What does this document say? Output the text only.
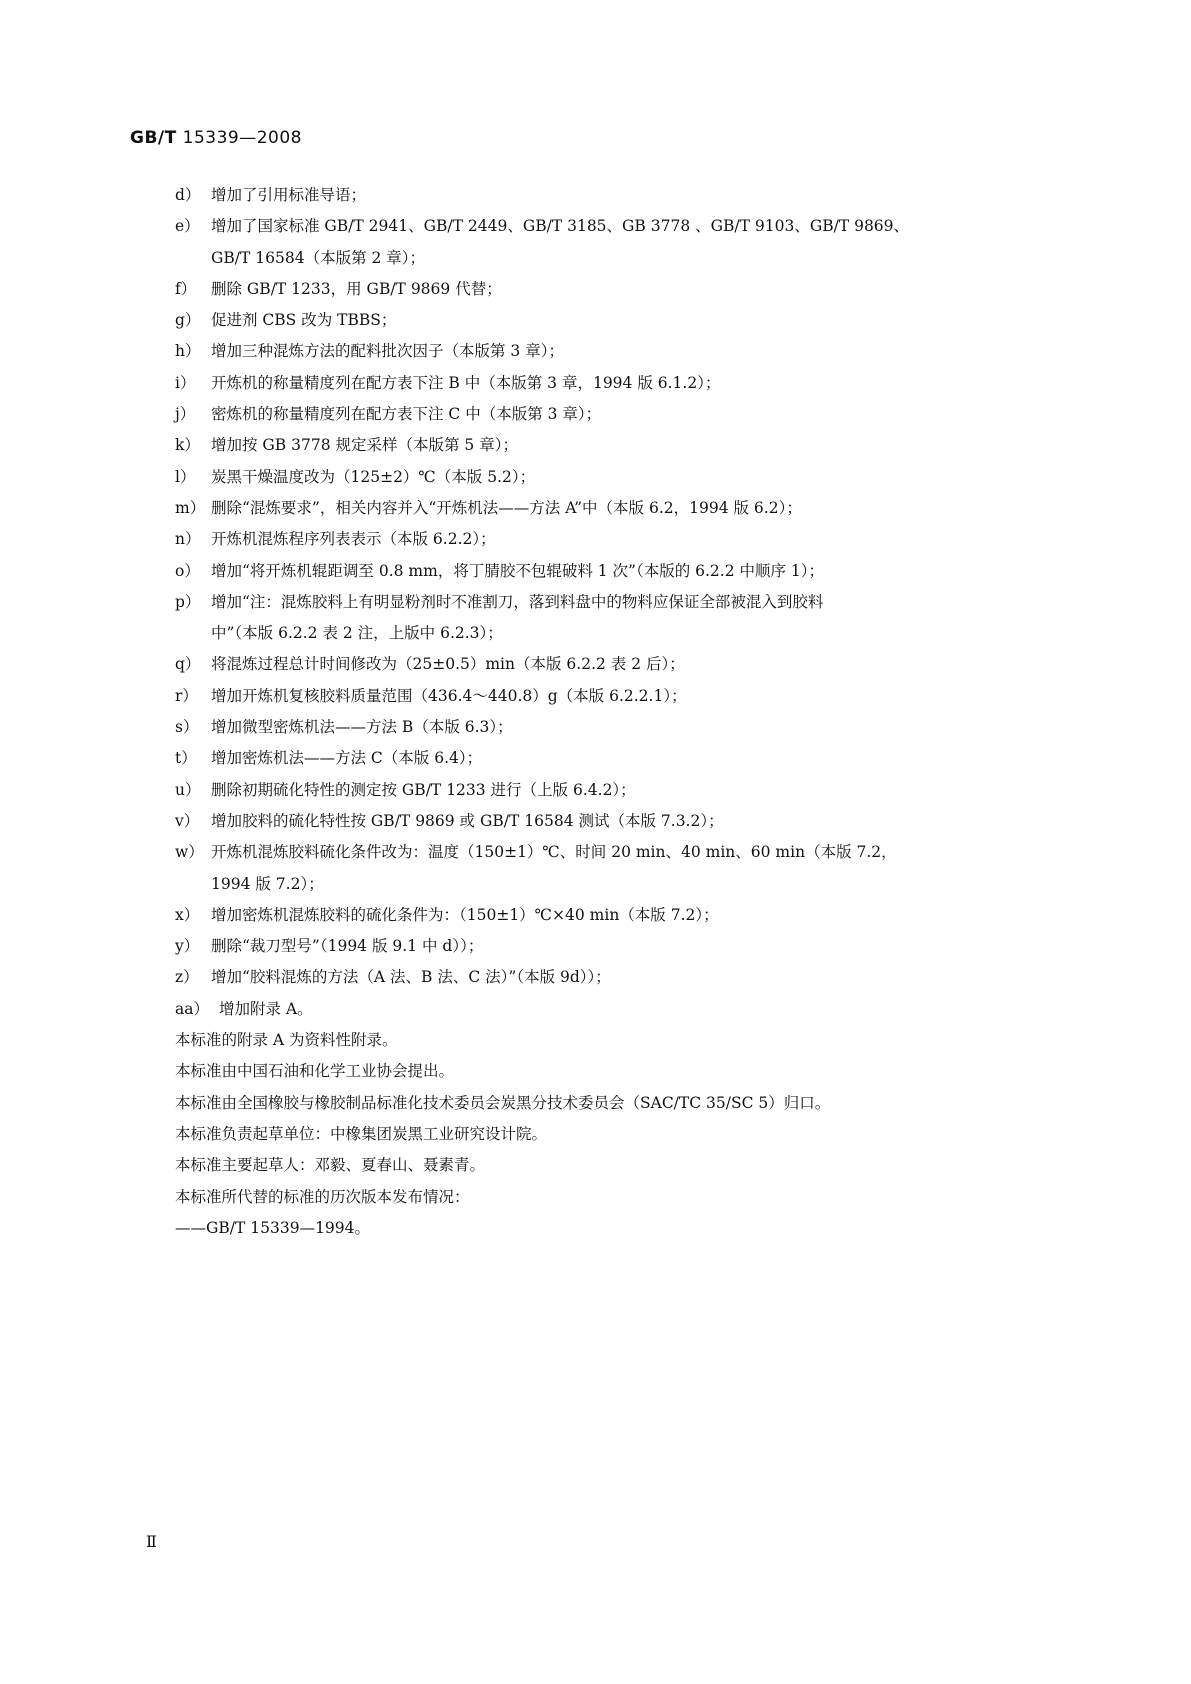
GB/T 15339—2008
d） 增加了引用标准导语；
e） 增加了国家标准 GB/T 2941、GB/T 2449、GB/T 3185、GB 3778 、GB/T 9103、GB/T 9869、
GB/T 16584（本版第 2 章）；
f） 删除 GB/T 1233，用 GB/T 9869 代替；
g） 促进剂 CBS 改为 TBBS；
h） 增加三种混炼方法的配料批次因子（本版第 3 章）；
i） 开炼机的称量精度列在配方表下注 B 中（本版第 3 章，1994 版 6.1.2）；
j） 密炼机的称量精度列在配方表下注 C 中（本版第 3 章）；
k） 增加按 GB 3778 规定采样（本版第 5 章）；
l） 炭黑干燥温度改为（125±2）℃（本版 5.2）；
m） 删除“混炼要求”，相关内容并入“开炼机法——方法 A”中（本版 6.2，1994 版 6.2）；
n） 开炼机混炼程序列表表示（本版 6.2.2）；
o） 增加“将开炼机辊距调至 0.8 mm，将丁腈胶不包辊破料 1 次”（本版的 6.2.2 中顺序 1）；
p） 增加“注：混炼胶料上有明显粉剂时不准割刀，落到料盘中的物料应保证全部被混入到胶料
中”（本版 6.2.2 表 2 注，上版中 6.2.3）；
q） 将混炼过程总计时间修改为（25±0.5）min（本版 6.2.2 表 2 后）；
r） 增加开炼机复核胶料质量范围（436.4～440.8）g（本版 6.2.2.1）；
s） 增加微型密炼机法——方法 B（本版 6.3）；
t） 增加密炼机法——方法 C（本版 6.4）；
u） 删除初期硫化特性的测定按 GB/T 1233 进行（上版 6.4.2）；
v） 增加胶料的硫化特性按 GB/T 9869 或 GB/T 16584 测试（本版 7.3.2）；
w） 开炼机混炼胶料硫化条件改为：温度（150±1）℃、时间 20 min、40 min、60 min（本版 7.2，
1994 版 7.2）；
x） 增加密炼机混炼胶料的硫化条件为：（150±1）℃×40 min（本版 7.2）；
y） 删除“裁刀型号”（1994 版 9.1 中 d））；
z） 增加“胶料混炼的方法（A 法、B 法、C 法）”（本版 9d））；
aa） 增加附录 A。
本标准的附录 A 为资料性附录。
本标准由中国石油和化学工业协会提出。
本标准由全国橡胶与橡胶制品标准化技术委员会炭黑分技术委员会（SAC/TC 35/SC 5）归口。
本标准负责起草单位：中橡集团炭黑工业研究设计院。
本标准主要起草人：邓毅、夏春山、聂素青。
本标准所代替的标准的历次版本发布情况：
——GB/T 15339—1994。
Ⅱ
